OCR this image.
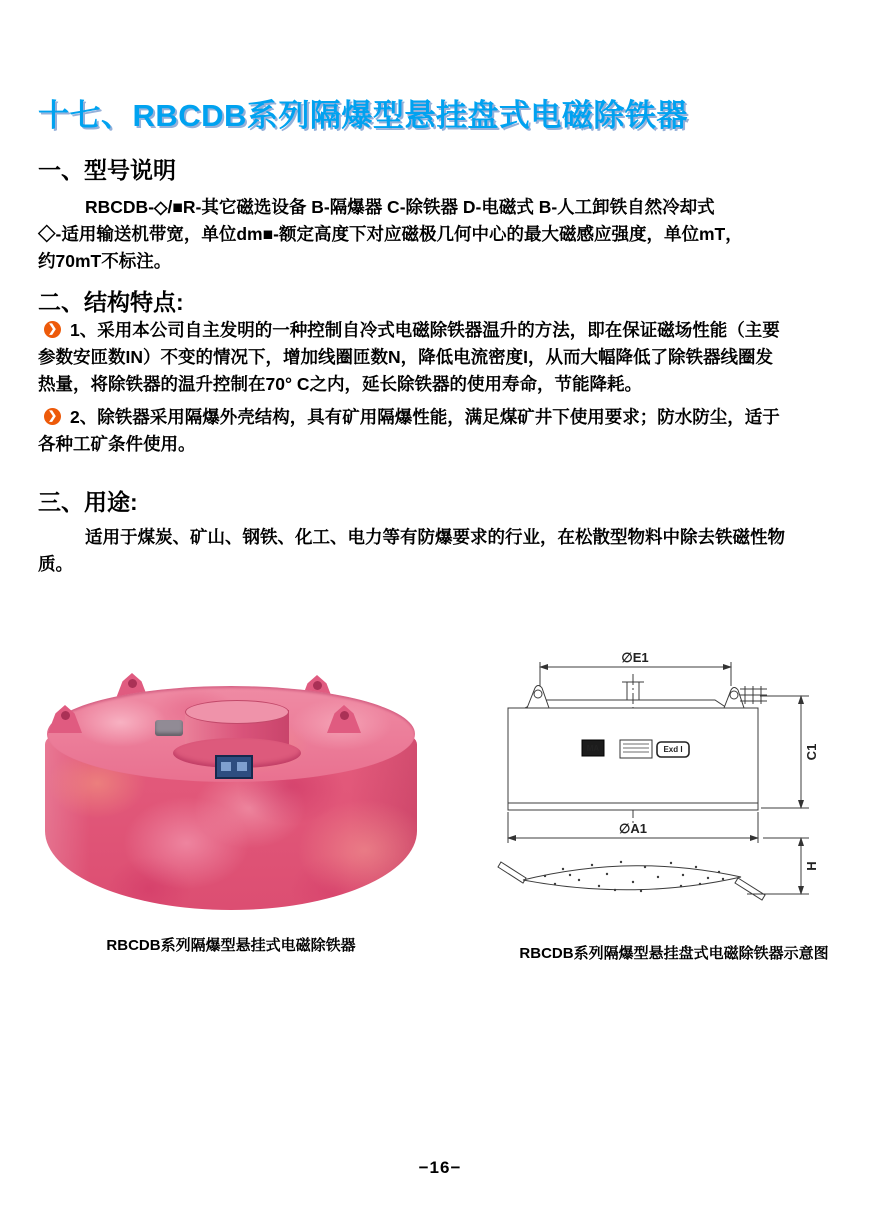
十七、RBCDB系列隔爆型悬挂盘式电磁除铁器
一、型号说明
RBCDB-◇/■R-其它磁选设备 B-隔爆器 C-除铁器 D-电磁式 B-人工卸铁自然冷却式
◇-适用输送机带宽，单位dm■-额定高度下对应磁极几何中心的最大磁感应强度，单位mT，
约70mT不标注。
二、结构特点:
❯ 1、采用本公司自主发明的一种控制自冷式电磁除铁器温升的方法，即在保证磁场性能（主要
参数安匝数IN）不变的情况下，增加线圈匝数N，降低电流密度I，从而大幅降低了除铁器线圈发
热量，将除铁器的温升控制在70° C之内，延长除铁器的使用寿命，节能降耗。
❯ 2、除铁器采用隔爆外壳结构，具有矿用隔爆性能，满足煤矿井下使用要求；防水防尘，适于
各种工矿条件使用。
三、用途:
适用于煤炭、矿山、钢铁、化工、电力等有防爆要求的行业，在松散型物料中除去铁磁性物
质。
∅E1
∅A1
C1
H
MA	Exd I
RBCDB系列隔爆型悬挂式电磁除铁器	RBCDB系列隔爆型悬挂盘式电磁除铁器示意图
−16−
